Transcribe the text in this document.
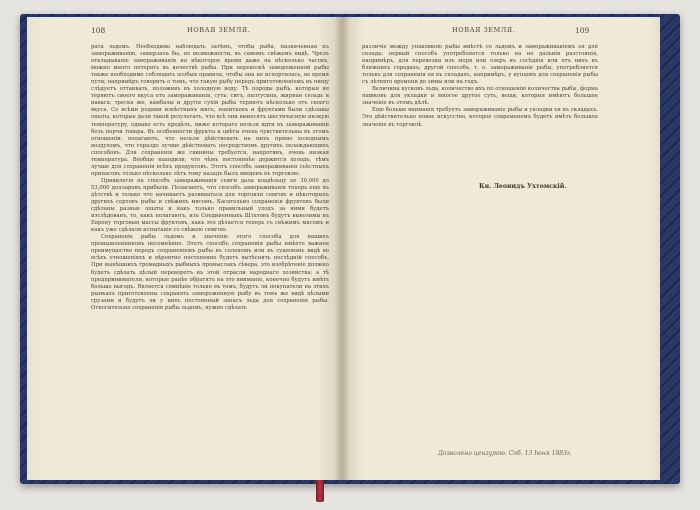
108	НОВАЯ ЗЕМЛЯ.

рата льдомъ. Необходимо наблюдать затѣмъ, чтобы рыба, назначенная къ замораживанію, замерзала бы, по возможности, въ самомъ свѣжемъ видѣ. Чрезъ откладываніе замораживанія на нѣкоторое время даже на нѣсколько часовъ, можно много потерять въ качествѣ рыбы. При перевозкѣ замороженной рыбы также необходимо соблюдать особыя правила, чтобы она не испортилась, во время пути; напримѣръ говорить о томъ, что такую рыбу передъ приготовленіемъ въ пищу слѣдуетъ оттаивать, положивъ въ холодную воду. Тѣ породы рыбъ, которыя не теряютъ своего вкуса отъ замораживанія, суть: сигъ, палтусина, жирная сельдь и навага; треска же, камбалы и другія сухія рыбы теряютъ нѣсколько отъ своего вкуса. Со всѣми родами извѣстныхъ мясъ, напитковъ и фруктами были сдѣланы опыты, которые дали такой результатъ, что всѣ они выносятъ шестичасную низкую температуру, однако есть предѣлъ, ниже котораго нельзя идти въ замораживаніи безъ порчи товара. Въ особенности фрукты и цвѣты очень чувствительны въ этомъ отношеніи; полагаютъ, что нельзя дѣйствовать на нихъ прямо холоднымъ воздухомъ, что гораздо лучше дѣйствовать посредствомъ другихъ охлаждающихъ способовъ. Для сохраненія же свинины требуется, напротивъ, очень низкая температура. Вообще находили, что чѣмъ постояннѣе держится холодъ, тѣмъ лучше для сохраненія всѣхъ продуктовъ. Этотъ способъ замораживанія съѣстныхъ припасовъ только нѣсколько лѣтъ тому назадъ былъ введенъ въ торговлю.

Привилегія на способъ замораживанія семги дала владѣльцу ее 30,000 до 53,000 долларовъ прибыли. Полагаютъ, что способъ замораживанія теперь еще въ дѣтствѣ и только что начинаетъ развиваться для торговли семгою и нѣкоторыхъ другихъ сортовъ рыбы и свѣжихъ мясомъ. Касательно сохраненія фруктовъ были сдѣланы разные опыты и какъ только правильный уходъ за ними будетъ изслѣдованъ, то, какъ полагаютъ, изъ Соединенныхъ Штатовъ будутъ вывозимы въ Европу торговыя массы фруктовъ, какъ это дѣлается теперь съ свѣжимъ мясомъ и какъ уже сдѣлали испытаніе со свѣжею семгою.

Сохраненіе рыбы льдомъ и значеніе этого способа для нашихъ промышленниковъ несомнѣнно. Этотъ способъ сохраненія рыбы имѣетъ важное преимущество передъ сохраненіемъ рыбы въ соленомъ или въ сушеномъ видѣ во всѣхъ отношеніяхъ и вѣроятно постепенно будетъ вытѣснять послѣдній способъ. При нынѣшнихъ громадныхъ рыбныхъ промыслахъ сѣвера, это изобрѣтеніе должно будетъ сдѣлать цѣлый переворотъ въ этой отрасли народнаго хозяйства; а тѣ предприниматели, которые ранѣе обратятъ на это вниманіе, конечно будутъ имѣть больше выгодъ. Является сомнѣніе только въ томъ, будутъ ли покупатели на этихъ рынкахъ приготовлены сохранять замороженную рыбу въ томъ же видѣ цѣлыми грузами и будутъ ли у нихъ постоянный запасъ льда для сохраненія рыбы. Относительно сохраненія рыбы льдомъ, нужно сдѣлать

НОВАЯ ЗЕМЛЯ.	109

различіе между упаковкою рыбы вмѣстѣ со льдомъ и замораживаніемъ ея для склада; первый способъ употребляется только на не дальнія разстоянія, напримѣръ, для перевозки изъ моря или озеръ въ сосѣднія или отъ нихъ въ ближнихъ городахъ; другой способъ, т. е. замораживаніе рыбы, употребляется только для сохраненія ея въ складахъ, напримѣръ, у купцовъ для сохраненія рыбы съ лѣтняго времени до зимы или на годъ.

Величина кусковъ льда, количество ихъ по отношенію количества рыбы, форма ящиковъ для укладки и многое другое суть, вещи, которыя имѣютъ большое значеніе въ этомъ дѣлѣ.

Еще больше вниманія требуетъ замораживаніе рыбы и укладки ея въ складахъ. Это дѣйствительно новое искусство, которое современемъ будетъ имѣть большое значеніе въ торговлѣ.

Кн. Леонидъ Ухтомскій.
Дозволено цензурою. Спб. 13 Іюня 1883г.
